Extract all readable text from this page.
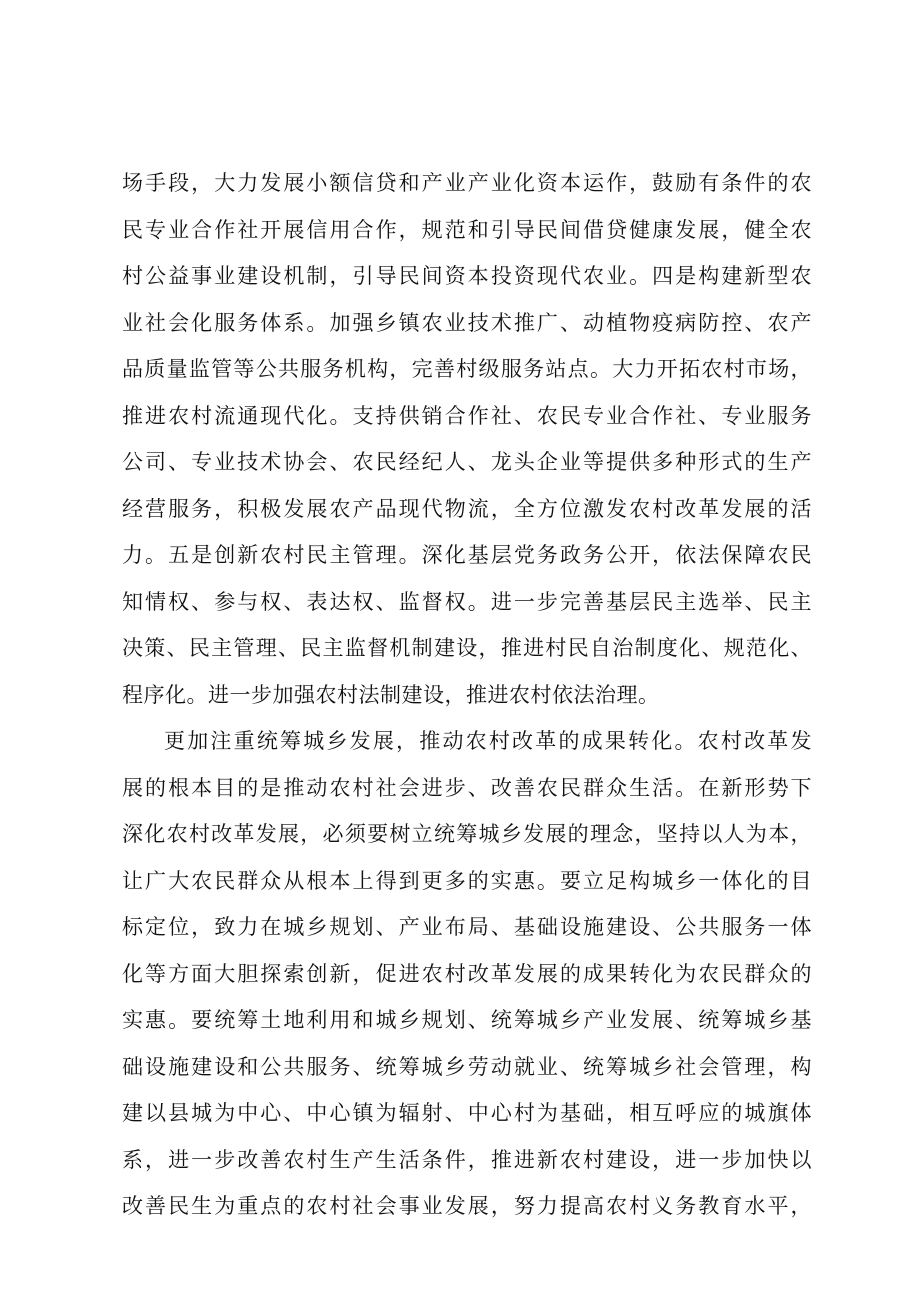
场手段，大力发展小额信贷和产业产业化资本运作，鼓励有条件的农
民专业合作社开展信用合作，规范和引导民间借贷健康发展，健全农
村公益事业建设机制，引导民间资本投资现代农业。四是构建新型农
业社会化服务体系。加强乡镇农业技术推广、动植物疫病防控、农产
品质量监管等公共服务机构，完善村级服务站点。大力开拓农村市场，
推进农村流通现代化。支持供销合作社、农民专业合作社、专业服务
公司、专业技术协会、农民经纪人、龙头企业等提供多种形式的生产
经营服务，积极发展农产品现代物流，全方位激发农村改革发展的活
力。五是创新农村民主管理。深化基层党务政务公开，依法保障农民
知情权、参与权、表达权、监督权。进一步完善基层民主选举、民主
决策、民主管理、民主监督机制建设，推进村民自治制度化、规范化、
程序化。进一步加强农村法制建设，推进农村依法治理。
更加注重统筹城乡发展，推动农村改革的成果转化。农村改革发
展的根本目的是推动农村社会进步、改善农民群众生活。在新形势下
深化农村改革发展，必须要树立统筹城乡发展的理念，坚持以人为本，
让广大农民群众从根本上得到更多的实惠。要立足构城乡一体化的目
标定位，致力在城乡规划、产业布局、基础设施建设、公共服务一体
化等方面大胆探索创新，促进农村改革发展的成果转化为农民群众的
实惠。要统筹土地利用和城乡规划、统筹城乡产业发展、统筹城乡基
础设施建设和公共服务、统筹城乡劳动就业、统筹城乡社会管理，构
建以县城为中心、中心镇为辐射、中心村为基础，相互呼应的城旗体
系，进一步改善农村生产生活条件，推进新农村建设，进一步加快以
改善民生为重点的农村社会事业发展，努力提高农村义务教育水平，
